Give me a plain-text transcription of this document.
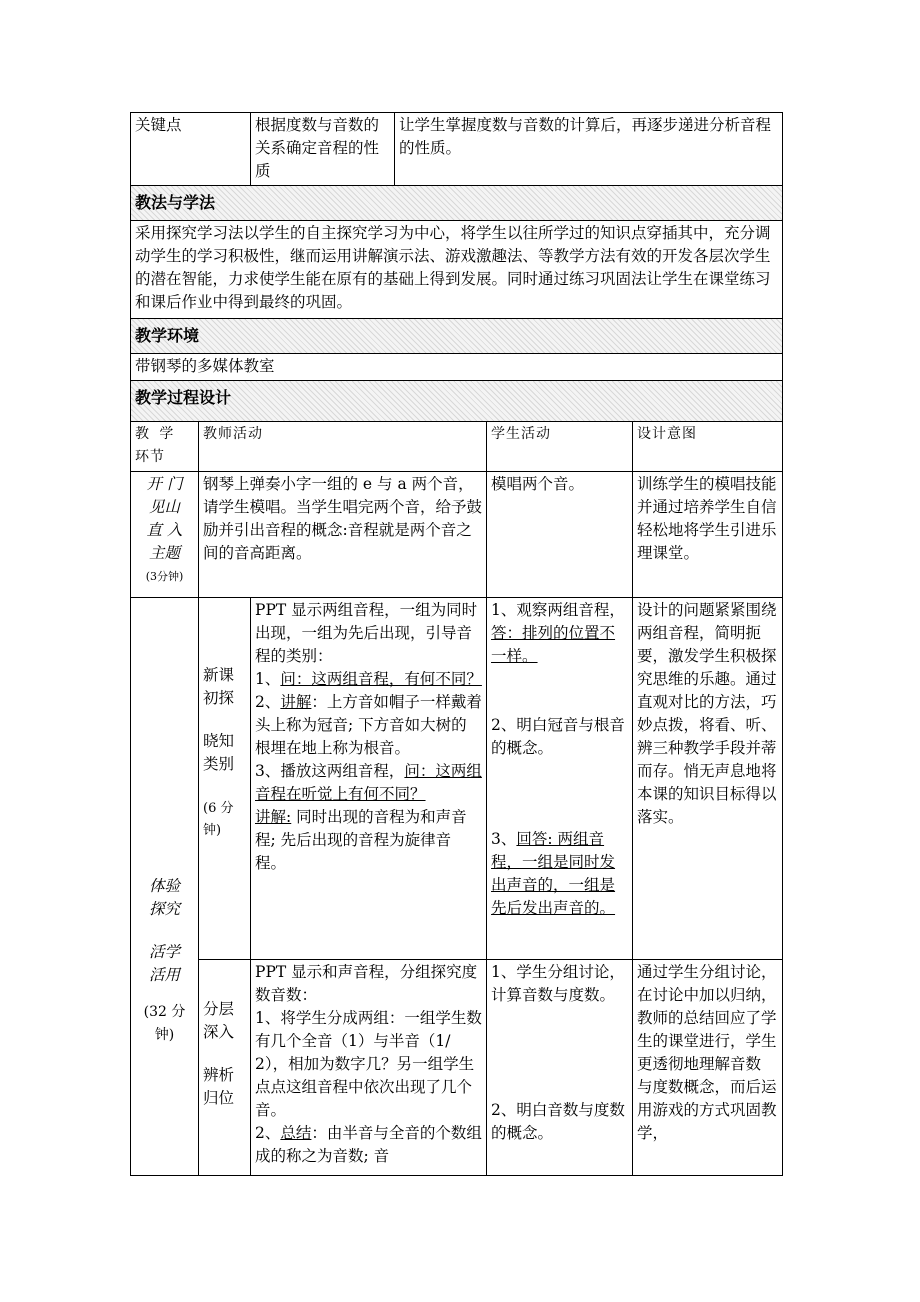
关键点		根据度数与音数的关系确定音程的性质	让学生掌握度数与音数的计算后，再逐步递进分析音程的性质。		
教法与学法					
采用探究学习法以学生的自主探究学习为中心，将学生以往所学过的知识点穿插其中，充分调动学生的学习积极性，继而运用讲解演示法、游戏激趣法、等教学方法有效的开发各层次学生的潜在智能，力求使学生能在原有的基础上得到发展。同时通过练习巩固法让学生在课堂练习和课后作业中得到最终的巩固。					
教学环境					
带钢琴的多媒体教室					
教学过程设计					

教 学
环节	教师活动			学生活动	设计意图

开 门
见山
直 入
主题
(3分钟)	钢琴上弹奏小字一组的 e 与 a 两个音，请学生模唱。当学生唱完两个音，给予鼓励并引出音程的概念:音程就是两个音之间的音高距离。			模唱两个音。	训练学生的模唱技能并通过培养学生自信轻松地将学生引进乐理课堂。

体验
探究
活学
活用
(32 分钟)	新课
初探
晓知
类别
(6 分钟)	PPT 显示两组音程，一组为同时出现，一组为先后出现，引导音程的类别：
1、问：这两组音程，有何不同？
2、讲解：上方音如帽子一样戴着头上称为冠音; 下方音如大树的根埋在地上称为根音。
3、播放这两组音程，问：这两组音程在听觉上有何不同？
讲解: 同时出现的音程为和声音程; 先后出现的音程为旋律音程。		1、观察两组音程，答：排列的位置不一样。
2、明白冠音与根音的概念。
3、回答: 两组音程，一组是同时发出声音的，一组是先后发出声音的。	设计的问题紧紧围绕两组音程，简明扼要，激发学生积极探究思维的乐趣。通过直观对比的方法，巧妙点拨，将看、听、辨三种教学手段并蒂而存。悄无声息地将本课的知识目标得以落实。

	分层
深入
辨析
归位	PPT 显示和声音程，分组探究度数音数：
1、将学生分成两组：一组学生数有几个全音（1）与半音（1/2），相加为数字几？另一组学生点点这组音程中依次出现了几个音。
2、总结：由半音与全音的个数组成的称之为音数; 音		1、学生分组讨论，计算音数与度数。
2、明白音数与度数的概念。	通过学生分组讨论，在讨论中加以归纳，教师的总结回应了学生的课堂进行，学生更透彻地理解音数 与度数概念，而后运用游戏的方式巩固教学，
